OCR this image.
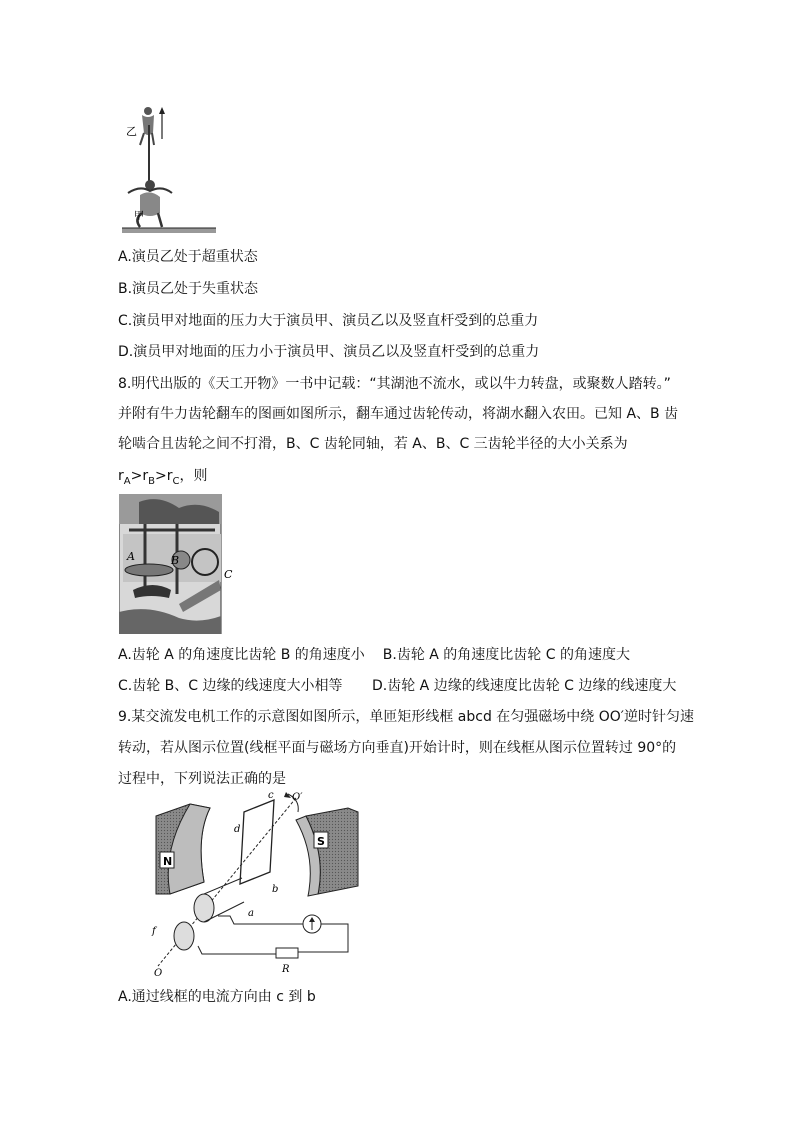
乙
甲
A.演员乙处于超重状态
B.演员乙处于失重状态
C.演员甲对地面的压力大于演员甲、演员乙以及竖直杆受到的总重力
D.演员甲对地面的压力小于演员甲、演员乙以及竖直杆受到的总重力
8.明代出版的《天工开物》一书中记载：“其湖池不流水，或以牛力转盘，或聚数人踏转。”
并附有牛力齿轮翻车的图画如图所示，翻车通过齿轮传动，将湖水翻入农田。已知 A、B 齿
轮啮合且齿轮之间不打滑，B、C 齿轮同轴，若 A、B、C 三齿轮半径的大小关系为
$r_A>r_B>r_C$，则
A	B
C
A.齿轮 A 的角速度比齿轮 B 的角速度小 B.齿轮 A 的角速度比齿轮 C 的角速度大
C.齿轮 B、C 边缘的线速度大小相等 D.齿轮 A 边缘的线速度比齿轮 C 边缘的线速度大
9.某交流发电机工作的示意图如图所示，单匝矩形线框 abcd 在匀强磁场中绕 OO′逆时针匀速
转动，若从图示位置(线框平面与磁场方向垂直)开始计时，则在线框从图示位置转过 90°的
过程中，下列说法正确的是
N
S
c
d
b
a
O′
O
f
R
A.通过线框的电流方向由 c 到 b
